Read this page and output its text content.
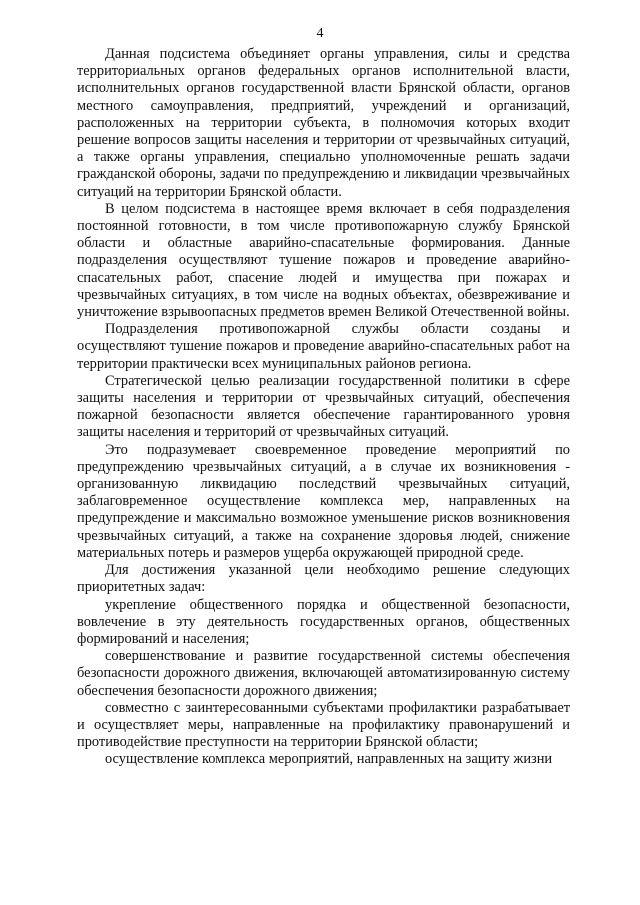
4

Данная подсистема объединяет органы управления, силы и средства территориальных органов федеральных органов исполнительной власти, исполнительных органов государственной власти Брянской области, органов местного самоуправления, предприятий, учреждений и организаций, расположенных на территории субъекта, в полномочия которых входит решение вопросов защиты населения и территории от чрезвычайных ситуаций, а также органы управления, специально уполномоченные решать задачи гражданской обороны, задачи по предупреждению и ликвидации чрезвычайных ситуаций на территории Брянской области.

В целом подсистема в настоящее время включает в себя подразделения постоянной готовности, в том числе противопожарную службу Брянской области и областные аварийно-спасательные формирования. Данные подразделения осуществляют тушение пожаров и проведение аварийно-спасательных работ, спасение людей и имущества при пожарах и чрезвычайных ситуациях, в том числе на водных объектах, обезвреживание и уничтожение взрывоопасных предметов времен Великой Отечественной войны.

Подразделения противопожарной службы области созданы и осуществляют тушение пожаров и проведение аварийно-спасательных работ на территории практически всех муниципальных районов региона.

Стратегической целью реализации государственной политики в сфере защиты населения и территории от чрезвычайных ситуаций, обеспечения пожарной безопасности является обеспечение гарантированного уровня защиты населения и территорий от чрезвычайных ситуаций.

Это подразумевает своевременное проведение мероприятий по предупреждению чрезвычайных ситуаций, а в случае их возникновения - организованную ликвидацию последствий чрезвычайных ситуаций, заблаговременное осуществление комплекса мер, направленных на предупреждение и максимально возможное уменьшение рисков возникновения чрезвычайных ситуаций, а также на сохранение здоровья людей, снижение материальных потерь и размеров ущерба окружающей природной среде.

Для достижения указанной цели необходимо решение следующих приоритетных задач:

укрепление общественного порядка и общественной безопасности, вовлечение в эту деятельность государственных органов, общественных формирований и населения;

совершенствование и развитие государственной системы обеспечения безопасности дорожного движения, включающей автоматизированную систему обеспечения безопасности дорожного движения;

совместно с заинтересованными субъектами профилактики разрабатывает и осуществляет меры, направленные на профилактику правонарушений и противодействие преступности на территории Брянской области;

осуществление комплекса мероприятий, направленных на защиту жизни
